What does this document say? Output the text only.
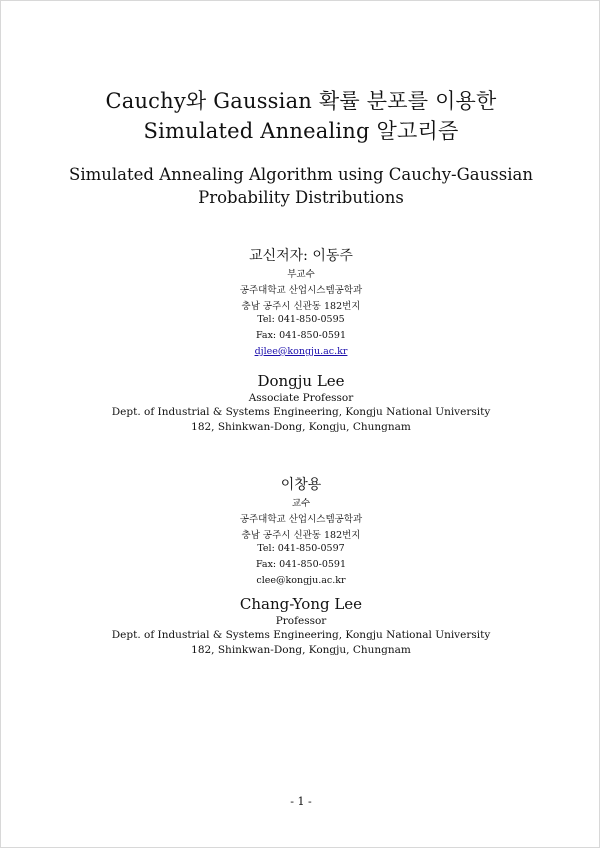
Cauchy와 Gaussian 확률 분포를 이용한
Simulated Annealing 알고리즘
Simulated Annealing Algorithm using Cauchy-Gaussian
Probability Distributions
교신저자: 이동주
부교수
공주대학교 산업시스템공학과
충남 공주시 신관동 182번지
Tel: 041-850-0595
Fax: 041-850-0591
djlee@kongju.ac.kr
Dongju Lee
Associate Professor
Dept. of Industrial & Systems Engineering, Kongju National University
182, Shinkwan-Dong, Kongju, Chungnam
이창용
교수
공주대학교 산업시스템공학과
충남 공주시 신관동 182번지
Tel: 041-850-0597
Fax: 041-850-0591
clee@kongju.ac.kr
Chang-Yong Lee
Professor
Dept. of Industrial & Systems Engineering, Kongju National University
182, Shinkwan-Dong, Kongju, Chungnam
- 1 -
